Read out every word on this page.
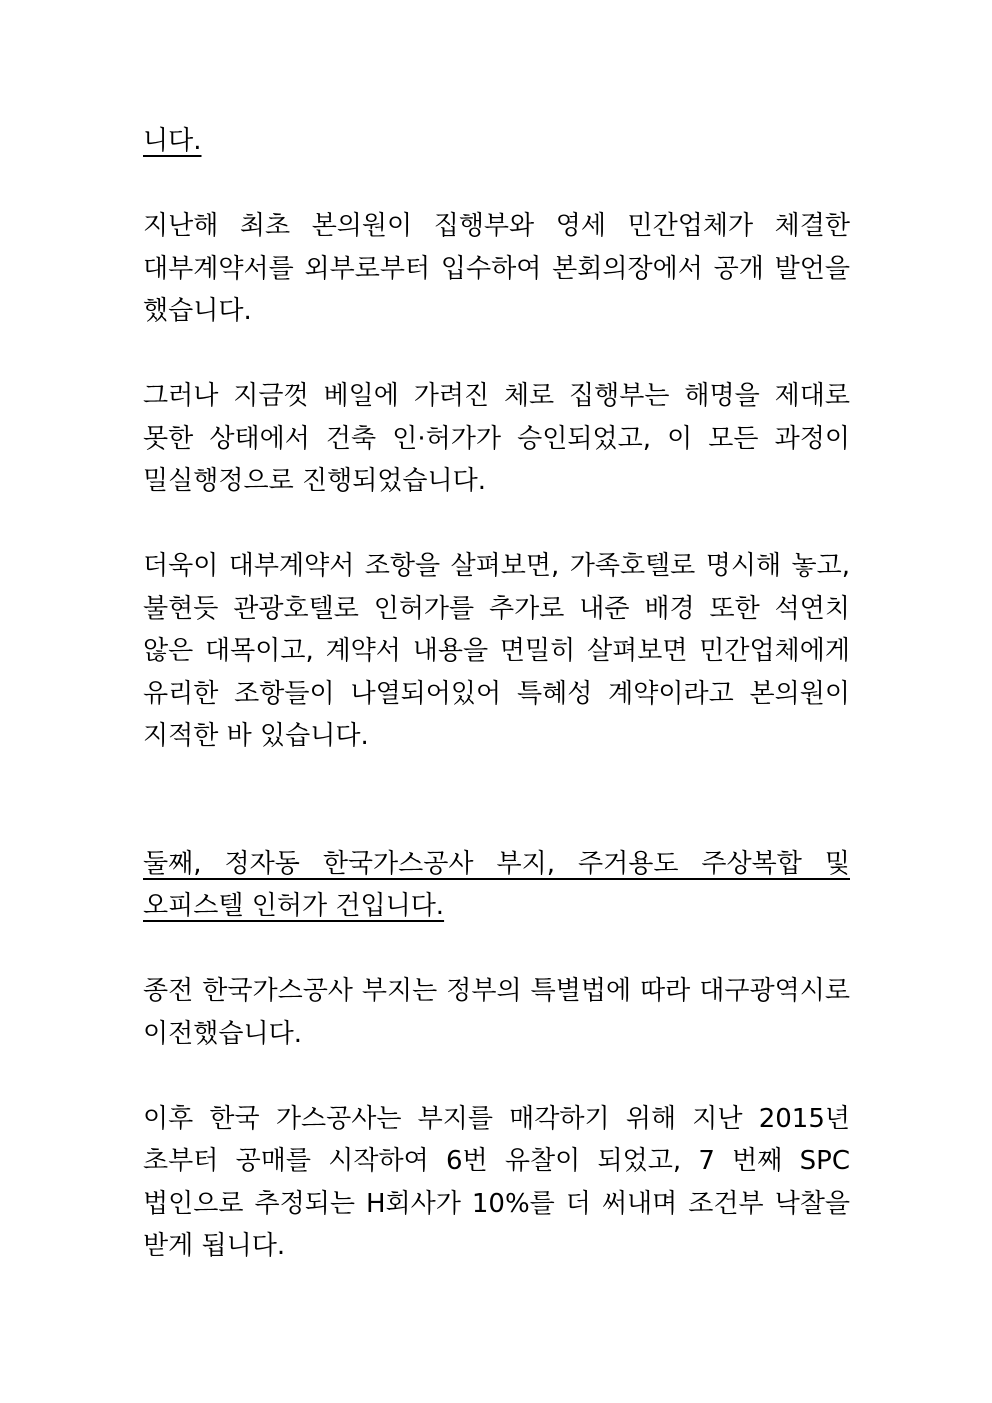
니다.

지난해 최초 본의원이 집행부와 영세 민간업체가 체결한 대부계약서를 외부로부터 입수하여 본회의장에서 공개 발언을 했습니다.

그러나 지금껏 베일에 가려진 체로 집행부는 해명을 제대로 못한 상태에서 건축 인·허가가 승인되었고, 이 모든 과정이 밀실행정으로 진행되었습니다.

더욱이 대부계약서 조항을 살펴보면, 가족호텔로 명시해 놓고, 불현듯 관광호텔로 인허가를 추가로 내준 배경 또한 석연치 않은 대목이고, 계약서 내용을 면밀히 살펴보면 민간업체에게 유리한 조항들이 나열되어있어 특혜성 계약이라고 본의원이 지적한 바 있습니다.

둘째, 정자동 한국가스공사 부지, 주거용도 주상복합 및 오피스텔 인허가 건입니다.

종전 한국가스공사 부지는 정부의 특별법에 따라 대구광역시로 이전했습니다.

이후 한국 가스공사는 부지를 매각하기 위해 지난 2015년 초부터 공매를 시작하여 6번 유찰이 되었고, 7 번째 SPC 법인으로 추정되는 H회사가 10%를 더 써내며 조건부 낙찰을 받게 됩니다.
